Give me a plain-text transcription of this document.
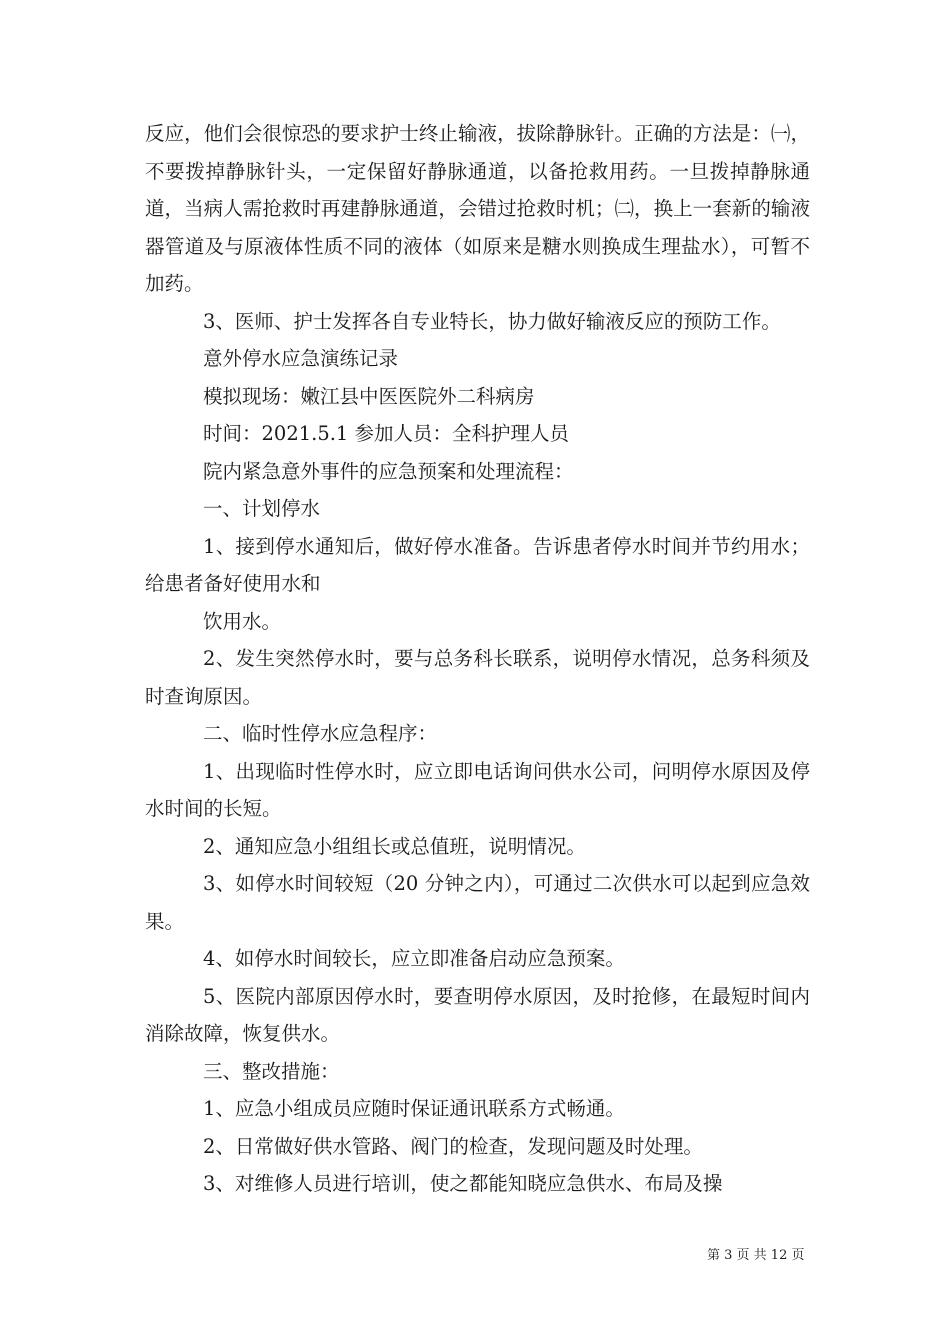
反应，他们会很惊恐的要求护士终止输液，拔除静脉针。正确的方法是：㈠，不要拨掉静脉针头，一定保留好静脉通道，以备抢救用药。一旦拨掉静脉通道，当病人需抢救时再建静脉通道，会错过抢救时机；㈡，换上一套新的输液器管道及与原液体性质不同的液体（如原来是糖水则换成生理盐水），可暂不加药。

3、医师、护士发挥各自专业特长，协力做好输液反应的预防工作。

意外停水应急演练记录

模拟现场：嫩江县中医医院外二科病房

时间：2021.5.1 参加人员：全科护理人员

院内紧急意外事件的应急预案和处理流程：

一、计划停水

1、接到停水通知后，做好停水准备。告诉患者停水时间并节约用水；给患者备好使用水和

饮用水。

2、发生突然停水时，要与总务科长联系，说明停水情况，总务科须及时查询原因。

二、临时性停水应急程序：

1、出现临时性停水时，应立即电话询问供水公司，问明停水原因及停水时间的长短。

2、通知应急小组组长或总值班，说明情况。

3、如停水时间较短（20 分钟之内），可通过二次供水可以起到应急效果。

4、如停水时间较长，应立即准备启动应急预案。

5、医院内部原因停水时，要查明停水原因，及时抢修，在最短时间内消除故障，恢复供水。

三、整改措施：

1、应急小组成员应随时保证通讯联系方式畅通。

2、日常做好供水管路、阀门的检查，发现问题及时处理。

3、对维修人员进行培训，使之都能知晓应急供水、布局及操

第 3 页 共 12 页
